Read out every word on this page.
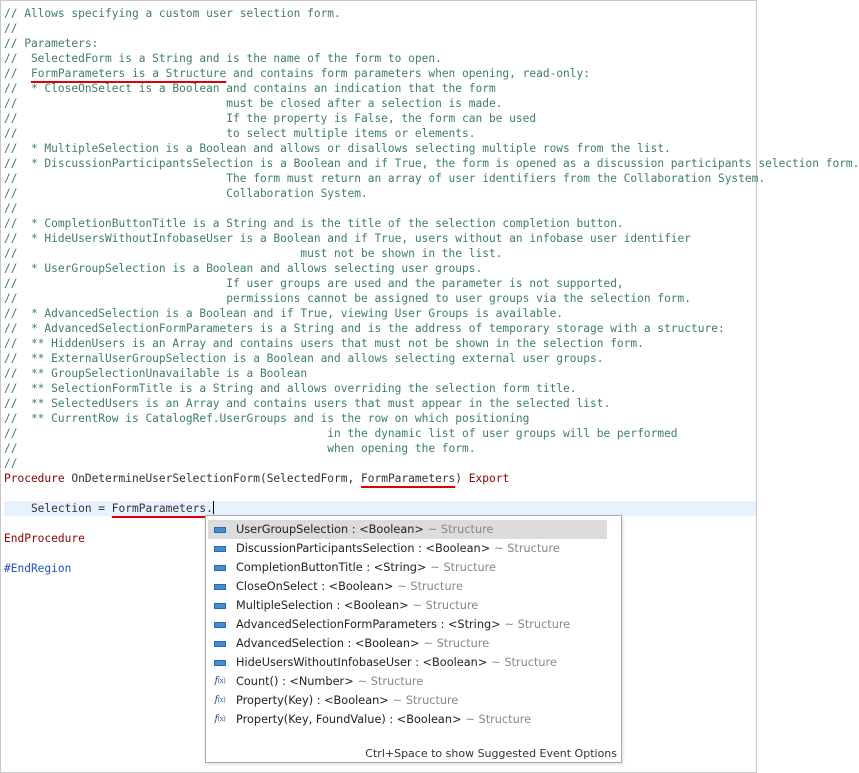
// Allows specifying a custom user selection form.
//
// Parameters:
//  SelectedForm is a String and is the name of the form to open.
//  FormParameters is a Structure and contains form parameters when opening, read-only:
//  * CloseOnSelect is a Boolean and contains an indication that the form
//                               must be closed after a selection is made.
//                               If the property is False, the form can be used
//                               to select multiple items or elements.
//  * MultipleSelection is a Boolean and allows or disallows selecting multiple rows from the list.
//  * DiscussionParticipantsSelection is a Boolean and if True, the form is opened as a discussion participants selection form.
//                               The form must return an array of user identifiers from the Collaboration System.
//                               Collaboration System.
//
//  * CompletionButtonTitle is a String and is the title of the selection completion button.
//  * HideUsersWithoutInfobaseUser is a Boolean and if True, users without an infobase user identifier
//                                          must not be shown in the list.
//  * UserGroupSelection is a Boolean and allows selecting user groups.
//                               If user groups are used and the parameter is not supported,
//                               permissions cannot be assigned to user groups via the selection form.
//  * AdvancedSelection is a Boolean and if True, viewing User Groups is available.
//  * AdvancedSelectionFormParameters is a String and is the address of temporary storage with a structure:
//  ** HiddenUsers is an Array and contains users that must not be shown in the selection form.
//  ** ExternalUserGroupSelection is a Boolean and allows selecting external user groups.
//  ** GroupSelectionUnavailable is a Boolean
//  ** SelectionFormTitle is a String and allows overriding the selection form title.
//  ** SelectedUsers is an Array and contains users that must appear in the selected list.
//  ** CurrentRow is CatalogRef.UserGroups and is the row on which positioning
//                                              in the dynamic list of user groups will be performed
//                                              when opening the form.
//
Procedure OnDetermineUserSelectionForm(SelectedForm, FormParameters) Export

Selection = FormParameters.

EndProcedure

#EndRegion
UserGroupSelection : <Boolean> ~ Structure
DiscussionParticipantsSelection : <Boolean> ~ Structure
CompletionButtonTitle : <String> ~ Structure
CloseOnSelect : <Boolean> ~ Structure
MultipleSelection : <Boolean> ~ Structure
AdvancedSelectionFormParameters : <String> ~ Structure
AdvancedSelection : <Boolean> ~ Structure
HideUsersWithoutInfobaseUser : <Boolean> ~ Structure
f(x) Count() : <Number> ~ Structure
f(x) Property(Key) : <Boolean> ~ Structure
f(x) Property(Key, FoundValue) : <Boolean> ~ Structure
Ctrl+Space to show Suggested Event Options
